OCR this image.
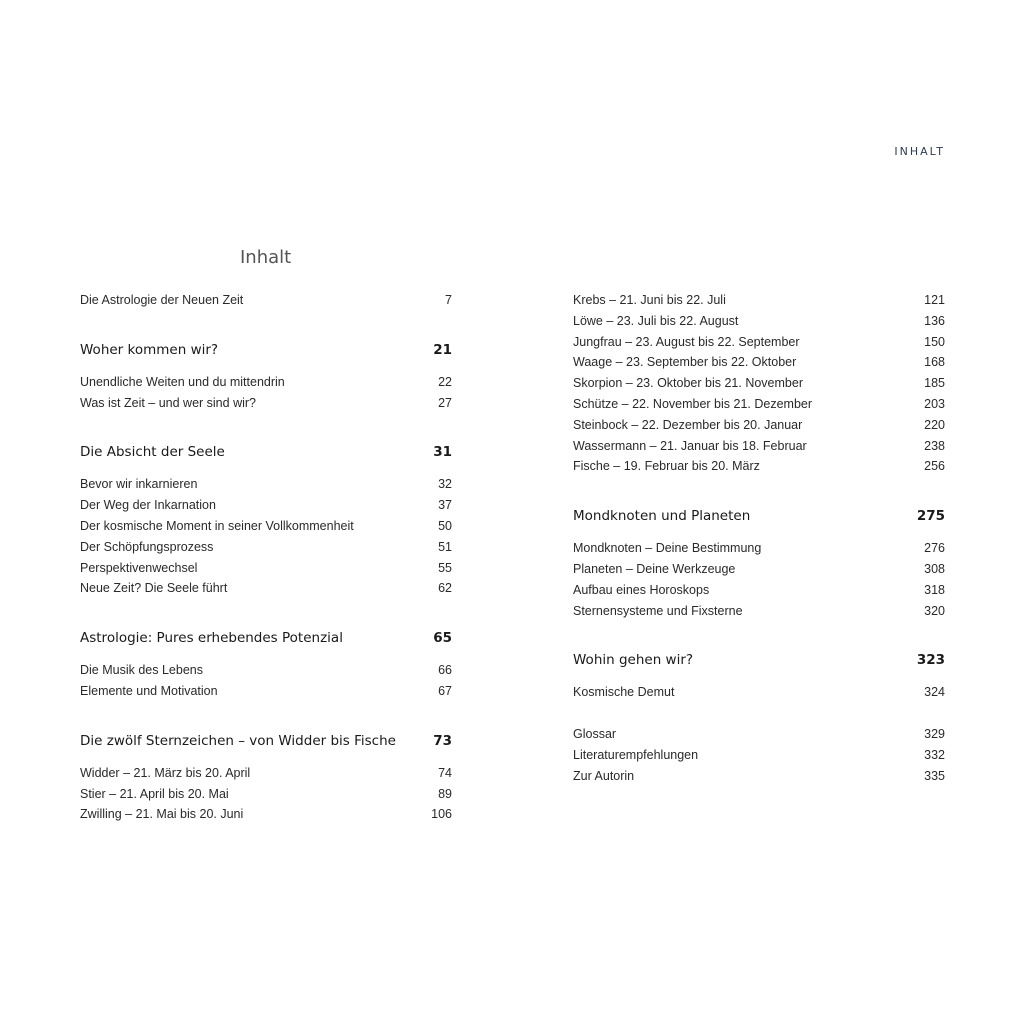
INHALT
Inhalt
Die Astrologie der Neuen Zeit	7
Woher kommen wir?	21
Unendliche Weiten und du mittendrin	22
Was ist Zeit – und wer sind wir?	27
Die Absicht der Seele	31
Bevor wir inkarnieren	32
Der Weg der Inkarnation	37
Der kosmische Moment in seiner Vollkommenheit	50
Der Schöpfungsprozess	51
Perspektivenwechsel	55
Neue Zeit? Die Seele führt	62
Astrologie: Pures erhebendes Potenzial	65
Die Musik des Lebens	66
Elemente und Motivation	67
Die zwölf Sternzeichen – von Widder bis Fische	73
Widder – 21. März bis 20. April	74
Stier – 21. April bis 20. Mai	89
Zwilling – 21. Mai bis 20. Juni	106
Krebs – 21. Juni bis 22. Juli	121
Löwe – 23. Juli bis 22. August	136
Jungfrau – 23. August bis 22. September	150
Waage – 23. September bis 22. Oktober	168
Skorpion – 23. Oktober bis 21. November	185
Schütze – 22. November bis 21. Dezember	203
Steinbock – 22. Dezember bis 20. Januar	220
Wassermann – 21. Januar bis 18. Februar	238
Fische – 19. Februar bis 20. März	256
Mondknoten und Planeten	275
Mondknoten – Deine Bestimmung	276
Planeten – Deine Werkzeuge	308
Aufbau eines Horoskops	318
Sternensysteme und Fixsterne	320
Wohin gehen wir?	323
Kosmische Demut	324
Glossar	329
Literaturempfehlungen	332
Zur Autorin	335
